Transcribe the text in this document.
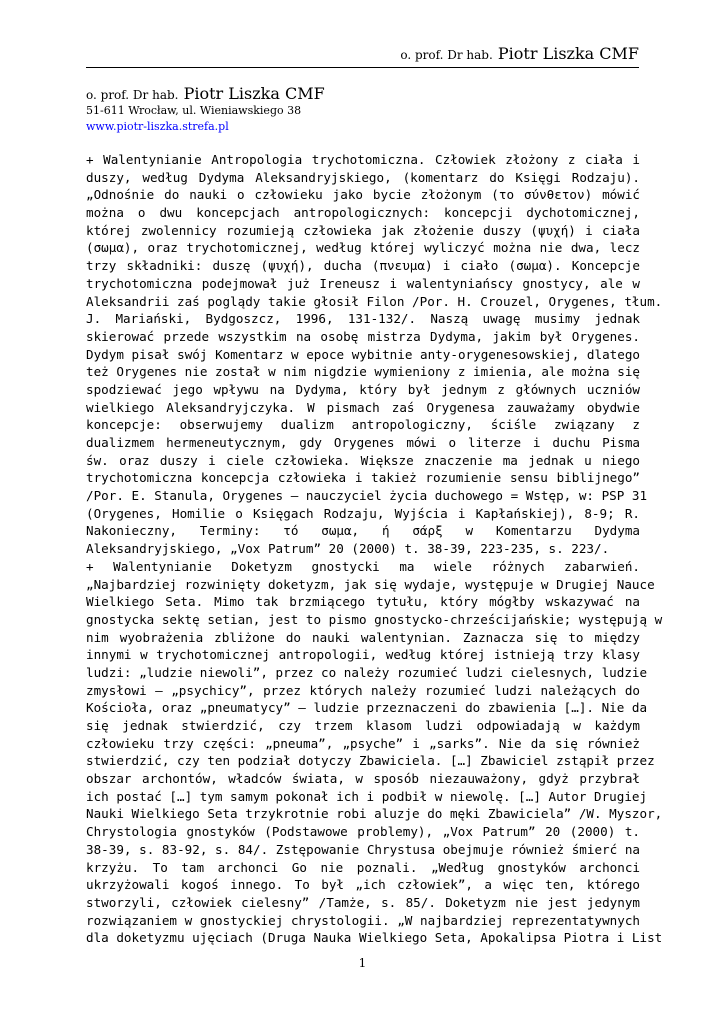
o. prof. Dr hab. Piotr Liszka CMF
o. prof. Dr hab. Piotr Liszka CMF
51-611 Wrocław, ul. Wieniawskiego 38
www.piotr-liszka.strefa.pl
+ Walentynianie Antropologia trychotomiczna. Człowiek złożony z ciała i
duszy, według Dydyma Aleksandryjskiego, (komentarz do Księgi Rodzaju).
„Odnośnie do nauki o człowieku jako bycie złożonym (το σύνθετον) mówić
można o dwu koncepcjach antropologicznych: koncepcji dychotomicznej,
której zwolennicy rozumieją człowieka jak złożenie duszy (ψυχή) i ciała
(σωμα), oraz trychotomicznej, według której wyliczyć można nie dwa, lecz
trzy składniki: duszę (ψυχή), ducha (πνευμα) i ciało (σωμα). Koncepcje
trychotomiczna podejmował już Ireneusz i walentyniańscy gnostycy, ale w
Aleksandrii zaś poglądy takie głosił Filon /Por. H. Crouzel, Orygenes, tłum.
J. Mariański, Bydgoszcz, 1996, 131-132/. Naszą uwagę musimy jednak
skierować przede wszystkim na osobę mistrza Dydyma, jakim był Orygenes.
Dydym pisał swój Komentarz w epoce wybitnie anty-orygenesowskiej, dlatego
też Orygenes nie został w nim nigdzie wymieniony z imienia, ale można się
spodziewać jego wpływu na Dydyma, który był jednym z głównych uczniów
wielkiego Aleksandryjczyka. W pismach zaś Orygenesa zauważamy obydwie
koncepcje: obserwujemy dualizm antropologiczny, ściśle związany z
dualizmem hermeneutycznym, gdy Orygenes mówi o literze i duchu Pisma
św. oraz duszy i ciele człowieka. Większe znaczenie ma jednak u niego
trychotomiczna koncepcja człowieka i takież rozumienie sensu biblijnego”
/Por. E. Stanula, Orygenes – nauczyciel życia duchowego = Wstęp, w: PSP 31
(Orygenes, Homilie o Księgach Rodzaju, Wyjścia i Kapłańskiej), 8-9; R.
Nakonieczny, Terminy: τό σωμα, ή σάρξ w Komentarzu Dydyma
Aleksandryjskiego, „Vox Patrum” 20 (2000) t. 38-39, 223-235, s. 223/.
+ Walentynianie Doketyzm gnostycki ma wiele różnych zabarwień.
„Najbardziej rozwinięty doketyzm, jak się wydaje, występuje w Drugiej Nauce
Wielkiego Seta. Mimo tak brzmiącego tytułu, który mógłby wskazywać na
gnostycka sektę setian, jest to pismo gnostycko-chrześcijańskie; występują w
nim wyobrażenia zbliżone do nauki walentynian. Zaznacza się to między
innymi w trychotomicznej antropologii, według której istnieją trzy klasy
ludzi: „ludzie niewoli”, przez co należy rozumieć ludzi cielesnych, ludzie
zmysłowi – „psychicy”, przez których należy rozumieć ludzi należących do
Kościoła, oraz „pneumatycy” – ludzie przeznaczeni do zbawienia […]. Nie da
się jednak stwierdzić, czy trzem klasom ludzi odpowiadają w każdym
człowieku trzy części: „pneuma”, „psyche” i „sarks”. Nie da się również
stwierdzić, czy ten podział dotyczy Zbawiciela. […] Zbawiciel zstąpił przez
obszar archontów, władców świata, w sposób niezauważony, gdyż przybrał
ich postać […] tym samym pokonał ich i podbił w niewolę. […] Autor Drugiej
Nauki Wielkiego Seta trzykrotnie robi aluzje do męki Zbawiciela” /W. Myszor,
Chrystologia gnostyków (Podstawowe problemy), „Vox Patrum” 20 (2000) t.
38-39, s. 83-92, s. 84/. Zstępowanie Chrystusa obejmuje również śmierć na
krzyżu. To tam archonci Go nie poznali. „Według gnostyków archonci
ukrzyżowali kogoś innego. To był „ich człowiek”, a więc ten, którego
stworzyli, człowiek cielesny” /Tamże, s. 85/. Doketyzm nie jest jedynym
rozwiązaniem w gnostyckiej chrystologii. „W najbardziej reprezentatywnych
dla doketyzmu ujęciach (Druga Nauka Wielkiego Seta, Apokalipsa Piotra i List
1
